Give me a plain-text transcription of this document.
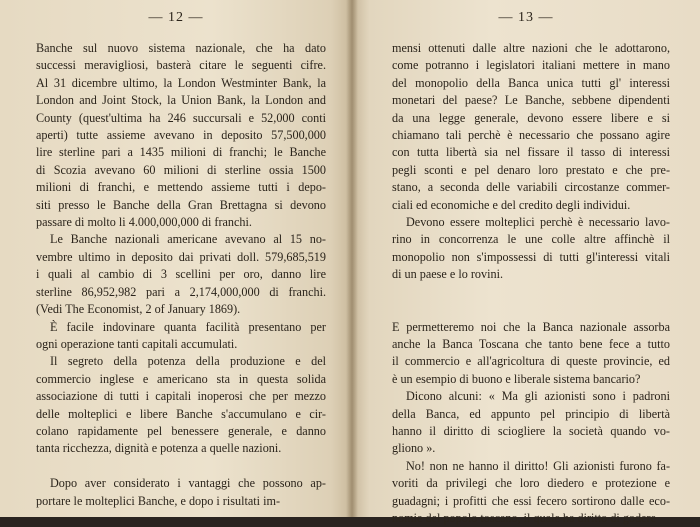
— 12 —
Banche sul nuovo sistema nazionale, che ha dato
successi meravigliosi, basterà citare le seguenti cifre.
Al 31 dicembre ultimo, la London Westminter Bank, la
London and Joint Stock, la Union Bank, la London and
County (quest'ultima ha 246 succursali e 52,000 conti
aperti) tutte assieme avevano in deposito 57,500,000
lire sterline pari a 1435 milioni di franchi; le Banche
di Scozia avevano 60 milioni di sterline ossia 1500
milioni di franchi, e mettendo assieme tutti i depo-
siti presso le Banche della Gran Brettagna si devono
passare di molto li 4.000,000,000 di franchi.
Le Banche nazionali americane avevano al 15 no-
vembre ultimo in deposito dai privati doll. 579,685,519
i quali al cambio di 3 scellini per oro, danno lire
sterline 86,952,982 pari a 2,174,000,000 di franchi.
(Vedi The Economist, 2 of January 1869).
È facile indovinare quanta facilità presentano per
ogni operazione tanti capitali accumulati.
Il segreto della potenza della produzione e del
commercio inglese e americano sta in questa solida
associazione di tutti i capitali inoperosi che per mezzo
delle molteplici e libere Banche s'accumulano e cir-
colano rapidamente pel benessere generale, e danno
tanta ricchezza, dignità e potenza a quelle nazioni.

Dopo aver considerato i vantaggi che possono ap-
portare le molteplici Banche, e dopo i risultati im-
— 13 —
mensi ottenuti dalle altre nazioni che le adottarono,
come potranno i legislatori italiani mettere in mano
del monopolio della Banca unica tutti gl' interessi
monetari del paese? Le Banche, sebbene dipendenti
da una legge generale, devono essere libere e si
chiamano tali perchè è necessario che possano agire
con tutta libertà sia nel fissare il tasso di interessi
pegli sconti e pel denaro loro prestato e che pre-
stano, a seconda delle variabili circostanze commer-
ciali ed economiche e del credito degli individui.
Devono essere molteplici perchè è necessario lavo-
rino in concorrenza le une colle altre affinchè il
monopolio non s'impossessi di tutti gl'interessi vitali
di un paese e lo rovini.

E permetteremo noi che la Banca nazionale assorba
anche la Banca Toscana che tanto bene fece a tutto
il commercio e all'agricoltura di queste provincie, ed
è un esempio di buono e liberale sistema bancario?
Dicono alcuni: « Ma gli azionisti sono i padroni
della Banca, ed appunto pel principio di libertà
hanno il diritto di sciogliere la società quando vo-
gliono ».
No! non ne hanno il diritto! Gli azionisti furono fa-
voriti da privilegi che loro diedero e protezione e
guadagni; i profitti che essi fecero sortirono dalle eco-
nomie del popolo toscano, il quale ha diritto di godere
